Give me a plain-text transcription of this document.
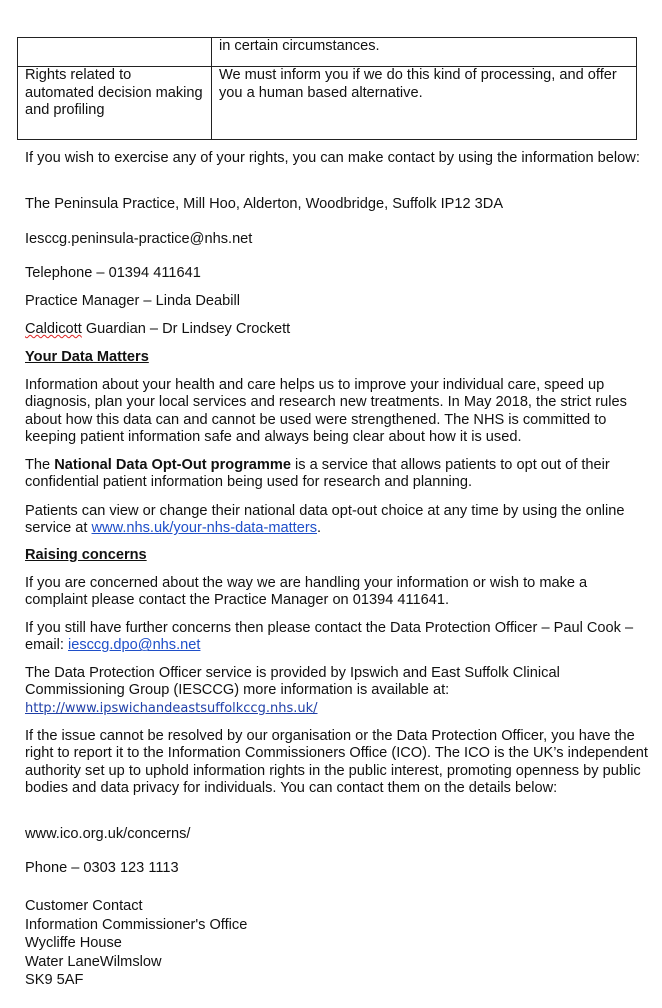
	in certain circumstances.
Rights related to automated decision making and profiling	We must inform you if we do this kind of processing, and offer you a human based alternative.

If you wish to exercise any of your rights, you can make contact by using the information below:

The Peninsula Practice, Mill Hoo, Alderton, Woodbridge, Suffolk IP12 3DA

Iesccg.peninsula-practice@nhs.net

Telephone – 01394 411641

Practice Manager – Linda Deabill

Caldicott Guardian – Dr Lindsey Crockett

Your Data Matters

Information about your health and care helps us to improve your individual care, speed up diagnosis, plan your local services and research new treatments. In May 2018, the strict rules about how this data can and cannot be used were strengthened. The NHS is committed to keeping patient information safe and always being clear about how it is used.

The National Data Opt-Out programme is a service that allows patients to opt out of their confidential patient information being used for research and planning.

Patients can view or change their national data opt-out choice at any time by using the online service at www.nhs.uk/your-nhs-data-matters.

Raising concerns

If you are concerned about the way we are handling your information or wish to make a complaint please contact the Practice Manager on 01394 411641.

If you still have further concerns then please contact the Data Protection Officer – Paul Cook – email: iesccg.dpo@nhs.net

The Data Protection Officer service is provided by Ipswich and East Suffolk Clinical Commissioning Group (IESCCG) more information is available at:
http://www.ipswichandeastsuffolkccg.nhs.uk/

If the issue cannot be resolved by our organisation or the Data Protection Officer, you have the right to report it to the Information Commissioners Office (ICO). The ICO is the UK’s independent authority set up to uphold information rights in the public interest, promoting openness by public bodies and data privacy for individuals. You can contact them on the details below:

www.ico.org.uk/concerns/

Phone – 0303 123 1113

Customer Contact
Information Commissioner's Office
Wycliffe House
Water LaneWilmslow
SK9 5AF
